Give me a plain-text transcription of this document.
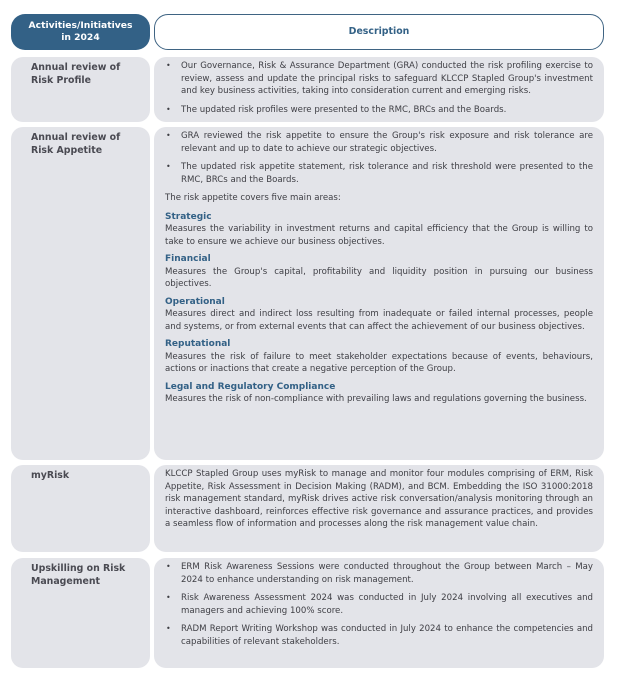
Activities/Initiatives
in 2024
Description
Annual review of
Risk Profile
• Our Governance, Risk & Assurance Department (GRA) conducted the risk profiling exercise to review, assess and update the principal risks to safeguard KLCCP Stapled Group's investment and key business activities, taking into consideration current and emerging risks.
• The updated risk profiles were presented to the RMC, BRCs and the Boards.
Annual review of
Risk Appetite
• GRA reviewed the risk appetite to ensure the Group's risk exposure and risk tolerance are relevant and up to date to achieve our strategic objectives.
• The updated risk appetite statement, risk tolerance and risk threshold were presented to the RMC, BRCs and the Boards.

The risk appetite covers five main areas:

Strategic
Measures the variability in investment returns and capital efficiency that the Group is willing to take to ensure we achieve our business objectives.
Financial
Measures the Group's capital, profitability and liquidity position in pursuing our business objectives.
Operational
Measures direct and indirect loss resulting from inadequate or failed internal processes, people and systems, or from external events that can affect the achievement of our business objectives.
Reputational
Measures the risk of failure to meet stakeholder expectations because of events, behaviours, actions or inactions that create a negative perception of the Group.
Legal and Regulatory Compliance
Measures the risk of non-compliance with prevailing laws and regulations governing the business.
myRisk	KLCCP Stapled Group uses myRisk to manage and monitor four modules comprising of ERM, Risk Appetite, Risk Assessment in Decision Making (RADM), and BCM. Embedding the ISO 31000:2018 risk management standard, myRisk drives active risk conversation/analysis monitoring through an interactive dashboard, reinforces effective risk governance and assurance practices, and provides a seamless flow of information and processes along the risk management value chain.

Upskilling on Risk
Management
• ERM Risk Awareness Sessions were conducted throughout the Group between March – May 2024 to enhance understanding on risk management.
• Risk Awareness Assessment 2024 was conducted in July 2024 involving all executives and managers and achieving 100% score.
• RADM Report Writing Workshop was conducted in July 2024 to enhance the competencies and capabilities of relevant stakeholders.
